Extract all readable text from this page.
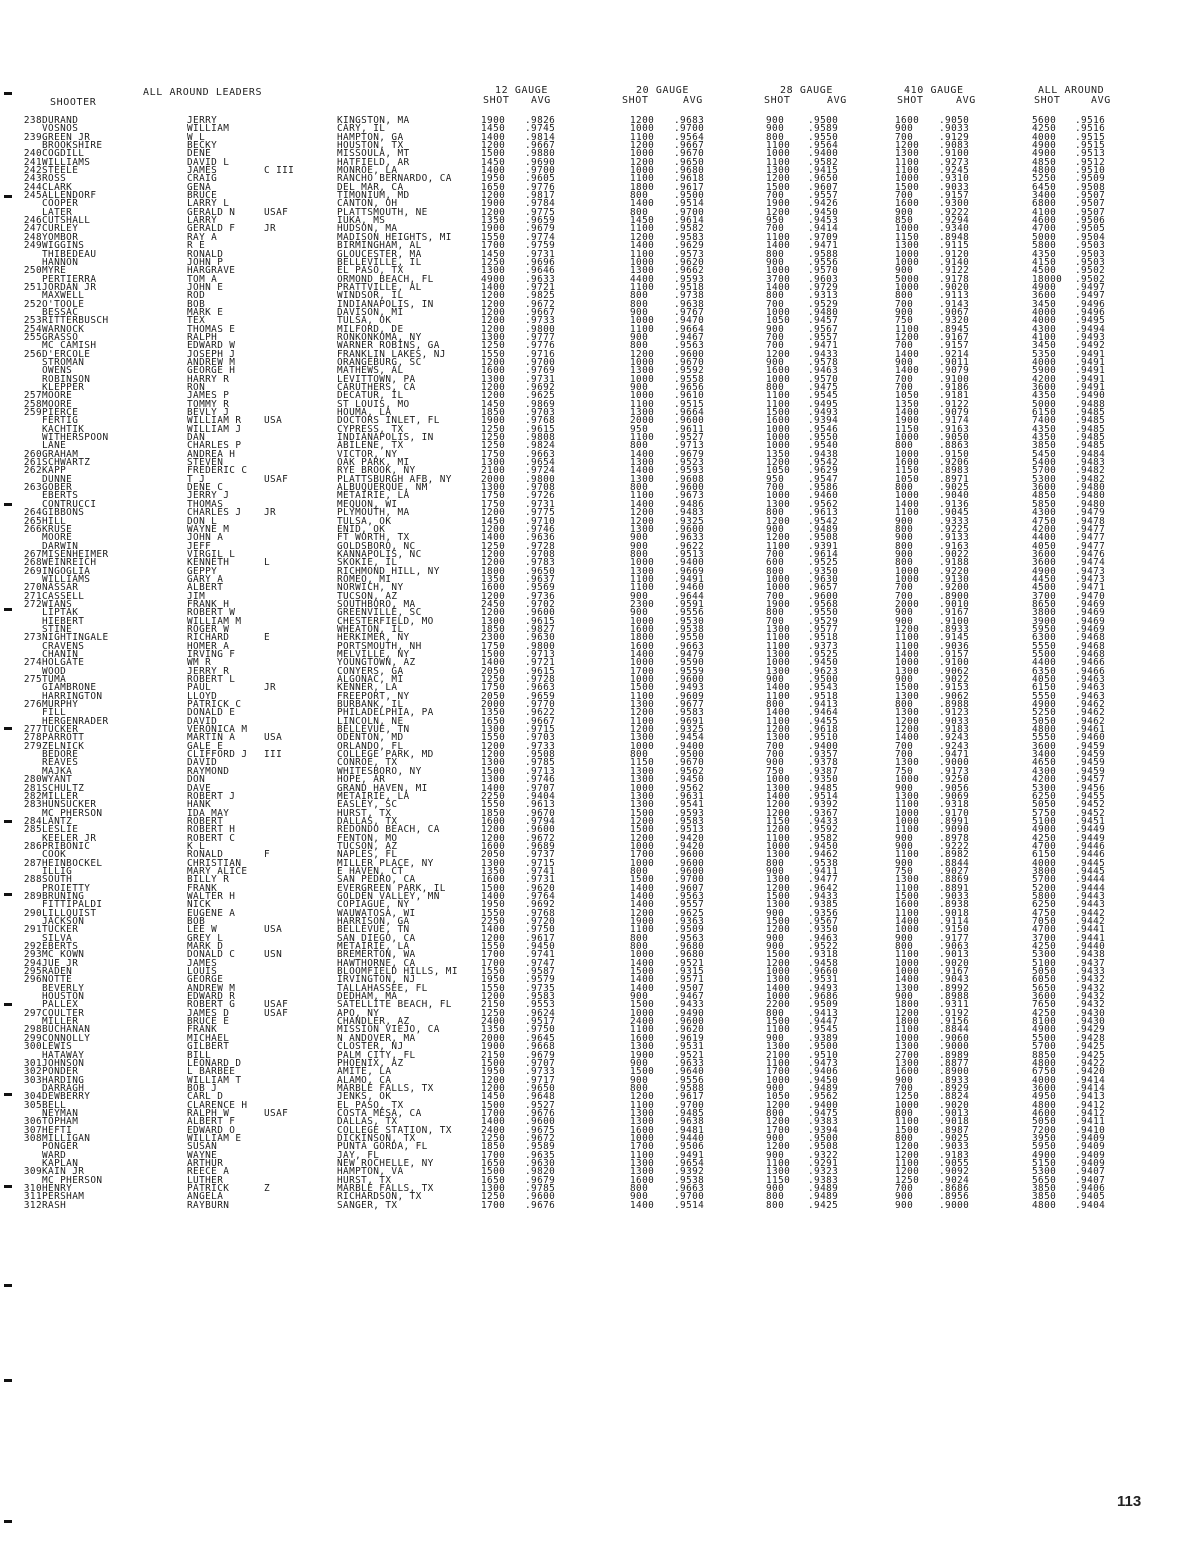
ALL AROUND LEADERS
SHOOTER
12 GAUGE
SHOT AVG
20 GAUGE
SHOT	AVG
28 GAUGE
SHOT	AVG
410 GAUGE
SHOT	AVG
ALL AROUND
SHOT	AVG
238 DURAND	JERRY	KINGSTON, MA	1900 .9826	1200 .9683	900	.9500	1600 .9050	5600 .9516
VOSNOS	WILLIAM	CARY, IL	1450 .9745	1000 .9700	900	.9589	900	.9033	4250 .9516
239 GREEN JR	W L	HAMPTON, GA	1400 .9814	1100 .9564	800	.9550	700	.9129	4000 .9515
BROOKSHIRE	BECKY	HOUSTON, TX	1200 .9667	1200 .9667	1100 .9564	1200 .9083	4900 .9515
240 COGDILL	DENE	MISSOULA, MT	1500 .9880	1000 .9670	1000 .9400	1300 .9100	4900 .9513
241 WILLIAMS	DAVID L	HATFIELD, AR	1450 .9690	1200 .9650	1100 .9582	1100 .9273	4850 .9512
242 STEELE	JAMES	C III	MONROE, LA	1400 .9700	1000 .9680	1300 .9415	1100 .9245	4800 .9510
243 ROSS	CRAIG	RANCHO BERNARDO, CA	1950 .9605	1100 .9618	1200 .9650	1000 .9310	5250 .9509
244 CLARK	GENA	DEL MAR, CA	1650 .9776	1800 .9617	1500 .9607	1500 .9033	6450 .9508
245 ALLENDORF	BRUCE	TIMONIUM, MD	1200 .9817	800	.9500	700	.9557	700	.9157	3400 .9507
COOPER	LARRY L	CANTON, OH	1900 .9784	1400 .9514	1900 .9426	1600 .9300	6800 .9507
LATER	GERALD N	USAF	PLATTSMOUTH, NE	1200 .9775	800	.9700	1200 .9450	900	.9222	4100 .9507
246 CUTSHALL	LARRY	IUKA, MS	1350 .9659	1450 .9614	950	.9453	850	.9294	4600 .9506
247 CURLEY	GERALD F	JR	HUDSON, MA	1900 .9679	1100 .9582	700	.9414	1000 .9340	4700 .9505
248 YOMBOR	RAY A	MADISON HEIGHTS, MI	1550 .9774	1200 .9583	1100 .9709	1150 .8948	5000 .9504
249 WIGGINS	R E	BIRMINGHAM, AL	1700 .9759	1400 .9629	1400 .9471	1300 .9115	5800 .9503
THIBEDEAU	RONALD	GLOUCESTER, MA	1450 .9731	1100 .9573	800	.9588	1000 .9120	4350 .9503
HANNON	JOHN P	BELLEVILLE, IL	1250 .9696	1000 .9620	900	.9556	1000 .9140	4150 .9503
250 MYRE	HARGRAVE	EL PASO, TX	1300 .9646	1300 .9662	1000 .9570	900	.9122	4500 .9502
PERTIERRA	TOM A	ORMOND BEACH, FL	4900 .9633	4400 .9593	3700 .9603	5000 .9178	18000 .9502
251 JORDAN JR	JOHN E	PRATTVILLE, AL	1400 .9721	1100 .9518	1400 .9729	1000 .9020	4900 .9497
MAXWELL	ROD	WINDSOR, IL	1200 .9825	800	.9738	800	.9313	800	.9113	3600 .9497
252 O'TOOLE	BOB	INDIANAPOLIS, IN	1200 .9672	800	.9638	700	.9529	700	.9143	3450 .9496
BESSAC	MARK E	DAVISON, MI	1200 .9667	900	.9767	1000 .9480	900	.9067	4000 .9496
253 RITTERBUSCH	TEX	TULSA, OK	1200 .9733	1000 .9470	1050 .9457	750	.9320	4000 .9495
254 WARNOCK	THOMAS E	MILFORD, DE	1200 .9800	1100 .9664	900	.9567	1100 .8945	4300 .9494
255 GRASSO	RALPH	RONKONKOMA, NY	1300 .9777	900	.9467	700	.9557	1200 .9167	4100 .9493
MC CAMISH	EDWARD W	WARNER ROBINS, GA	1250 .9776	800	.9563	700	.9471	700	.9157	3450 .9492
256 D'ERCOLE	JOSEPH J	FRANKLIN LAKES, NJ	1550 .9716	1200 .9600	1200 .9433	1400 .9214	5350 .9491
STROMAN	ANDREW M	ORANGEBURG, SC	1200 .9700	1000 .9670	900	.9578	900	.9011	4000 .9491
OWENS	GEORGE H	MATHEWS, AL	1600 .9769	1300 .9592	1600 .9463	1400 .9079	5900 .9491
ROBINSON	HARRY R	LEVITTOWN, PA	1300 .9731	1000 .9558	1000 .9570	700	.9100	4200 .9491
KLEPPER	RON	CARUTHERS, CA	1200 .9692	900	.9656	800	.9475	700	.9186	3600 .9491
257 MOORE	JAMES P	DECATUR, IL	1200 .9625	1000 .9610	1100 .9545	1050 .9181	4350 .9490
258 MOORE	TOMMY R	ST LOUIS, MO	1450 .9869	1100 .9515	1100 .9495	1350 .9122	5000 .9488
259 PIERCE	BEVLY J	HOUMA, LA	1850 .9703	1300 .9664	1500 .9493	1400 .9079	6150 .9485
FERTIG	WILLIAM R USA	DOCTORS INLET, FL	1900 .9768	2000 .9600	1600 .9394	1900 .9174	7400 .9485
KACHTIK	WILLIAM J	CYPRESS, TX	1250 .9615	950	.9611	1000 .9546	1150 .9163	4350 .9485
WITHERSPOON	DAN	INDIANAPOLIS, IN	1250 .9808	1100 .9527	1000 .9550	1000 .9050	4350 .9485
LANE	CHARLES P	ABILENE, TX	1250 .9824	800	.9713	1000 .9540	800	.8863	3850 .9485
260 GRAHAM	ANDREA H	VICTOR, NY	1750 .9663	1400 .9679	1350 .9438	1000 .9150	5450 .9484
261 SCHWARTZ	STEVEN	OAK PARK, MI	1300 .9654	1300 .9523	1200 .9542	1600 .9206	5400 .9483
262 KAPP	FREDERIC C	RYE BROOK, NY	2100 .9724	1400 .9593	1050 .9629	1150 .8983	5700 .9482
DUNNE	T J	USAF	PLATTSBURGH AFB, NY	2000 .9800	1300 .9608	950	.9547	1050 .8971	5300 .9482
263 GOBER	DENE C	ALBUQUERQUE, NM	1300 .9708	800	.9600	700	.9586	800	.9025	3600 .9480
EBERTS	JERRY J	METAIRIE, LA	1750 .9726	1100 .9673	1000 .9460	1000 .9040	4850 .9480
CONTRUCCI	THOMAS	MEQUON, WI	1750 .9731	1400 .9486	1300 .9562	1400 .9136	5850 .9480
264 GIBBONS	CHARLES J JR	PLYMOUTH, MA	1200 .9775	1200 .9483	800	.9613	1100 .9045	4300 .9479
265 HILL	DON L	TULSA, OK	1450 .9710	1200 .9325	1200 .9542	900	.9333	4750 .9478
266 KRUSE	WAYNE M	ENID, OK	1200 .9746	1300 .9600	900	.9489	800	.9225	4200 .9477
MOORE	JOHN A	FT WORTH, TX	1400 .9636	900	.9633	1200 .9508	900	.9133	4400 .9477
DARWIN	JEFF	GOLDSBORO, NC	1250 .9728	900	.9622	1100 .9391	800	.9163	4050 .9477
267 MISENHEIMER	VIRGIL L	KANNAPOLIS, NC	1200 .9708	800	.9513	700	.9614	900	.9022	3600 .9476
268 WEINREICH	KENNETH	L	SKOKIE, IL	1200 .9783	1000 .9400	600	.9525	800	.9188	3600 .9474
269 INGOGLIA	GEPPY	RICHMOND HILL, NY	1800 .9650	1300 .9669	800	.9350	1000 .9220	4900 .9473
WILLIAMS	GARY A	ROMEO, MI	1350 .9637	1100 .9491	1000 .9630	1000 .9130	4450 .9473
270 NASSAR	ALBERT	NORWICH, NY	1600 .9569	1100 .9460	1000 .9657	700	.9200	4500 .9471
271 CASSELL	JIM	TUCSON, AZ	1200 .9736	900	.9644	700	.9600	700	.8900	3700 .9470
272 WIANS	FRANK H	SOUTHBORO, MA	2450 .9702	2300 .9591	1900 .9568	2000 .9010	8650 .9469
LIPTAK	ROBERT W	GREENVILLE, SC	1200 .9600	900	.9556	800	.9550	900	.9167	3800 .9469
HIEBERT	WILLIAM M	CHESTERFIELD, MO	1300 .9615	1000 .9530	700	.9529	900	.9100	3900 .9469
STINE	ROGER W	WHEATON, IL	1850 .9827	1600 .9538	1300 .9577	1200 .8933	5950 .9469
273 NIGHTINGALE	RICHARD	E	HERKIMER, NY	2300 .9630	1800 .9550	1100 .9518	1100 .9145	6300 .9468
CRAVENS	HOMER A	PORTSMOUTH, NH	1750 .9800	1600 .9663	1100 .9373	1100 .9036	5550 .9468
CHANIN	IRVING F	MELVILLE, NY	1500 .9713	1400 .9479	1300 .9525	1400 .9157	5500 .9468
274 HOLGATE	WM R	YOUNGTOWN, AZ	1400 .9721	1000 .9590	1000 .9450	1000 .9100	4400 .9466
WOOD	JERRY R	CONYERS, GA	2050 .9615	1700 .9559	1300 .9623	1300 .9062	6350 .9466
275 TUMA	ROBERT L	ALGONAC, MI	1250 .9728	1000 .9600	900	.9500	900	.9022	4050 .9463
GIAMBRONE	PAUL	JR	KENNER, LA	1750 .9663	1500 .9493	1400 .9543	1500 .9153	6150 .9463
HARRINGTON	LLOYD	FREEPORT, NY	2050 .9659	1100 .9609	1100 .9518	1300 .9062	5550 .9463
276 MURPHY	PATRICK C	BURBANK, IL	2000 .9770	1300 .9677	800	.9413	800	.8988	4900 .9462
FILL	DONALD E	PHILADELPHIA, PA	1350 .9622	1200 .9583	1400 .9464	1300 .9123	5250 .9462
HERGENRADER	DAVID	LINCOLN, NE	1650 .9667	1100 .9691	1100 .9455	1200 .9033	5050 .9462
277 TUCKER	VERONICA M	BELLEVUE, TN	1300 .9715	1200 .9325	1200 .9618	1200 .9183	4800 .9461
278 PARROTT	MARTIN A	USA	ODENTON, MD	1550 .9703	1300 .9454	1300 .9510	1400 .9243	5550 .9460
279 ZELNICK	GALE E	ORLANDO, FL	1200 .9733	1000 .9400	700	.9400	700	.9243	3600 .9459
BEDORE	CLIFFORD J III	COLLEGE PARK, MD	1200 .9508	800	.9500	700	.9357	700	.9471	3400 .9459
REAVES	DAVID	CONROE, TX	1300 .9785	1150 .9670	900	.9378	1300 .9000	4650 .9459
MAJKA	RAYMOND	WHITESBORO, NY	1500 .9713	1300 .9562	750	.9387	750	.9173	4300 .9459
280 WYANT	DON	HOPE, AR	1300 .9746	1300 .9450	1000 .9350	1000 .9250	4200 .9457
281 SCHULTZ	DAVE	GRAND HAVEN, MI	1400 .9707	1000 .9562	1300 .9485	900	.9056	5300 .9456
282 MILLER	ROBERT J	METAIRIE, LA	2250 .9404	1300 .9631	1400 .9514	1300 .9069	6250 .9455
283 HUNSUCKER	HANK	EASLEY, SC	1550 .9613	1300 .9541	1200 .9392	1100 .9318	5050 .9452
MC PHERSON	IDA MAY	HURST, TX	1850 .9670	1500 .9593	1200 .9367	1000 .9170	5750 .9452
284 LANTZ	ROBERT	DALLAS, TX	1600 .9794	1200 .9583	1150 .9433	1000 .8991	5100 .9451
285 LESLIE	ROBERT H	REDONDO BEACH, CA	1200 .9600	1500 .9513	1200 .9592	1100 .9090	4900 .9449
KEELER JR	ROBERT C	FENTON, MO	1200 .9672	1200 .9420	1100 .9582	900	.8978	4250 .9449
286 PRIBONIC	K L	TUCSON, AZ	1600 .9689	1000 .9420	1000 .9450	900	.9222	4700 .9446
COOK	RONALD	F	NAPLES, FL	2050 .9737	1700 .9600	1300 .9462	1100 .8982	6150 .9446
287 HEINBOCKEL	CHRISTIAN	MILLER PLACE, NY	1300 .9715	1000 .9600	800	.9538	900	.8844	4000 .9445
ILLIG	MARY ALICE	E HAVEN, CT	1350 .9741	800	.9600	900	.9411	750	.9027	3800 .9445
288 SOUTH	BILLY R	SAN PEDRO, CA	1600 .9731	1500 .9700	1300 .9477	1300 .8869	5700 .9444
PROIETTY	FRANK	EVERGREEN PARK, IL	1500 .9620	1400 .9607	1200 .9642	1100 .8891	5200 .9444
289 BRUNING	WALTER H	GOLDEN VALLEY, MN	1400 .9764	1400 .9563	1500 .9433	1500 .9033	5800 .9443
FITTIPALDI	NICK	COPIAGUE, NY	1950 .9692	1400 .9557	1300 .9385	1600 .8938	6250 .9443
290 LILLQUIST	EUGENE A	WAUWATOSA, WI	1550 .9768	1200 .9625	900	.9356	1100 .9018	4750 .9442
JACKSON	BOB	HARRISON, GA	2250 .9720	1900 .9363	1500 .9567	1400 .9114	7050 .9442
291 TUCKER	LEE W	USA	BELLEVUE, TN	1400 .9750	1100 .9509	1200 .9350	1000 .9150	4700 .9441
SILVA	GREY L	SAN DIEGO, CA	1200 .9617	800	.9563	900	.9463	900	.9177	3700 .9441
292 EBERTS	MARK D	METAIRIE, LA	1550 .9450	800	.9680	900	.9522	800	.9063	4250 .9440
293 MC KOWN	DONALD C	USN	BREMERTON, WA	1700 .9741	1000 .9680	1500 .9318	1100 .9013	5300 .9438
294 JUE JR	JAMES	HAWTHORNE, CA	1700 .9747	1400 .9521	1200 .9458	1000 .9020	5100 .9437
295 RADEN	LOUIS	BLOOMFIELD HILLS, MI 1550 .9587	1500 .9315	1000 .9660	1000 .9167	5050 .9433
296 NOTTE	GEORGE	IRVINGTON, NJ	1950 .9579	1400 .9571	1300 .9531	1400 .9043	6050 .9432
BEVERLY	ANDREW M	TALLAHASSEE, FL	1550 .9735	1400 .9507	1400 .9493	1300 .8992	5650 .9432
HOUSTON	EDWARD R	DEDHAM, MA	1200 .9583	900	.9467	1000 .9686	900	.8988	3600 .9432
PALLEX	ROBERT G	USAF	SATELLITE BEACH, FL	2150 .9553	1500 .9433	2200 .9509	1800 .9311	7650 .9432
297 COULTER	JAMES D	USAF	APO, NY	1250 .9624	1000 .9490	800	.9413	1200 .9192	4250 .9430
MILLER	BRUCE E	CHANDLER, AZ	2400 .9517	2400 .9600	1500 .9447	1800 .9156	8100 .9430
298 BUCHANAN	FRANK	MISSION VIEJO, CA	1350 .9750	1100 .9620	1100 .9545	1100 .8844	4900 .9429
299 CONNOLLY	MICHAEL	N ANDOVER, MA	2000 .9645	1600 .9619	900	.9389	1000 .9060	5500 .9428
300 LEWIS	GILBERT	CLOSTER, NJ	1900 .9668	1300 .9531	1300 .9500	1300 .9000	5700 .9425
HATAWAY	BILL	PALM CITY, FL	2150 .9679	1900 .9521	2100 .9510	2700 .8989	8850 .9425
301 JOHNSON	LEONARD D	PHOENIX, AZ	1500 .9707	900	.9633	1100 .9473	1300 .8877	4800 .9422
302 PONDER	L BARBEE	AMITE, LA	1950 .9733	1500 .9640	1700 .9406	1600 .8900	6750 .9420
303 HARDING	WILLIAM T	ALAMO, CA	1200 .9717	900	.9556	1000 .9450	900	.8933	4000 .9414
DARRAGH	BOB J	MARBLE FALLS, TX	1200 .9650	800	.9588	900	.9489	700	.8929	3600 .9414
304 DEWBERRY	CARL D	JENKS, OK	1450 .9648	1200 .9617	1050 .9562	1250 .8824	4950 .9413
305 BELL	CLARENCE H	EL PASO, TX	1500 .9527	1100 .9700	1200 .9400	1000 .9020	4800 .9412
NEYMAN	RALPH W	USAF	COSTA MESA, CA	1700 .9676	1300 .9485	800	.9475	800	.9013	4600 .9412
306 TOPHAM	ALBERT F	DALLAS, TX	1400 .9600	1300 .9638	1200 .9383	1100 .9018	5050 .9411
307 HEFTI	EDWARD O	COLLEGE STATION, TX	2400 .9675	1600 .9481	1700 .9394	1500 .8987	7200 .9410
308 MILLIGAN	WILLIAM E	DICKINSON, TX	1250 .9672	1000 .9440	900	.9500	800	.9025	3950 .9409
PONGER	SUSAN	PUNTA GORDA, FL	1850 .9589	1700 .9506	1200 .9508	1200 .9033	5950 .9409
WARD	WAYNE	JAY, FL	1700 .9635	1100 .9491	900	.9322	1200 .9183	4900 .9409
KAPLAN	ARTHUR	NEW ROCHELLE, NY	1650 .9630	1300 .9654	1100 .9291	1100 .9055	5150 .9409
309 KAIN JR	REECE A	HAMPTON, VA	1500 .9820	1300 .9392	1300 .9323	1200 .9092	5300 .9407
MC PHERSON	LUTHER	HURST, TX	1650 .9679	1600 .9538	1150 .9383	1250 .9024	5650 .9407
310 HENRY	PATRICK	Z	MARBLE FALLS, TX	1300 .9785	800	.9663	900	.9489	700	.8686	3850 .9406
311 PERSHAM	ANGELA	RICHARDSON, TX	1250 .9600	900	.9700	800	.9489	900	.8956	3850 .9405
312 RASH	RAYBURN	SANGER, TX	1700 .9676	1400 .9514	800	.9425	900	.9000	4800 .9404
113
